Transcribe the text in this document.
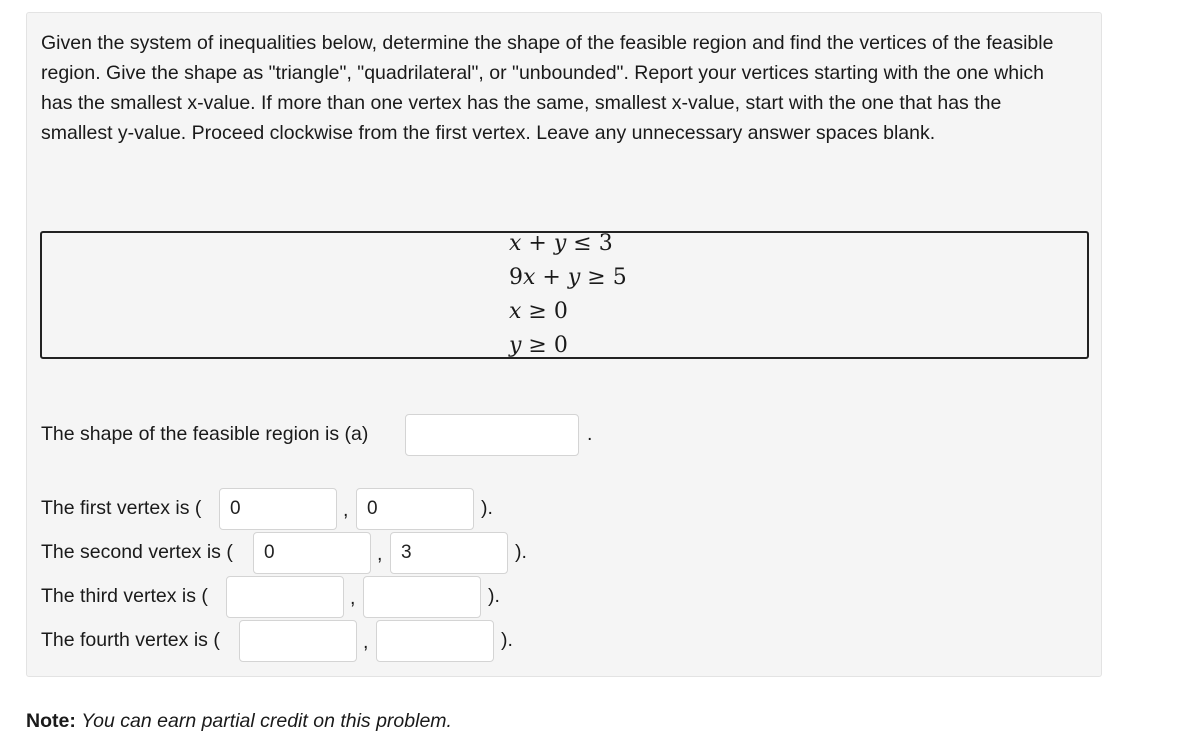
Given the system of inequalities below, determine the shape of the feasible region and find the vertices of the feasible region. Give the shape as "triangle", "quadrilateral", or "unbounded". Report your vertices starting with the one which has the smallest x-value. If more than one vertex has the same, smallest x-value, start with the one that has the smallest y-value. Proceed clockwise from the first vertex. Leave any unnecessary answer spaces blank.

x + y ≤ 3
9x + y ≥ 5
x ≥ 0
y ≥ 0
The shape of the feasible region is (a)	.
The first vertex is (
0	,
0	).
The second vertex is (
0	,
3	).
The third vertex is (	,	).
The fourth vertex is (	,	).
Note: You can earn partial credit on this problem.
